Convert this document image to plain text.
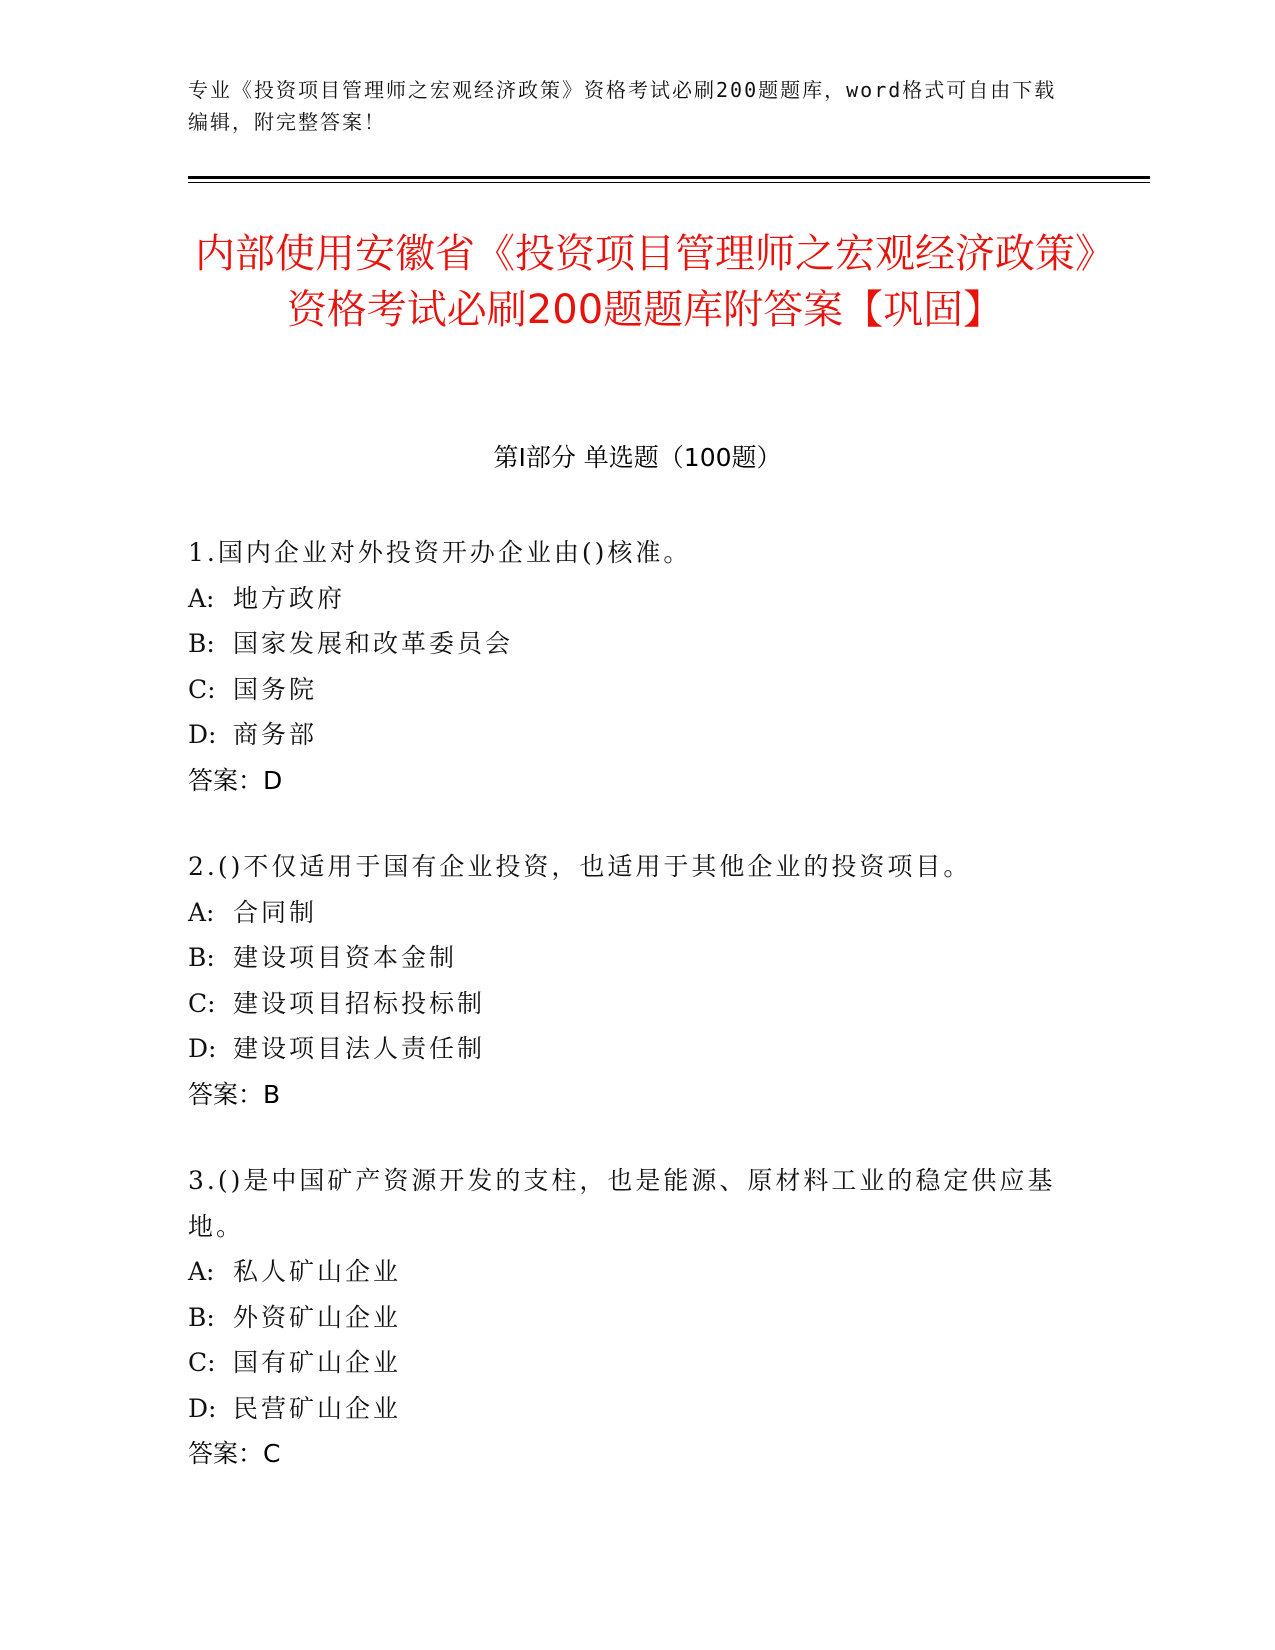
专业《投资项目管理师之宏观经济政策》资格考试必刷200题题库，word格式可自由下载编辑，附完整答案！
内部使用安徽省《投资项目管理师之宏观经济政策》资格考试必刷200题题库附答案【巩固】
第Ⅰ部分 单选题（100题）
1.国内企业对外投资开办企业由()核准。
A: 地方政府
B: 国家发展和改革委员会
C: 国务院
D: 商务部
答案：D
2.()不仅适用于国有企业投资，也适用于其他企业的投资项目。
A: 合同制
B: 建设项目资本金制
C: 建设项目招标投标制
D: 建设项目法人责任制
答案：B
3.()是中国矿产资源开发的支柱，也是能源、原材料工业的稳定供应基地。
A: 私人矿山企业
B: 外资矿山企业
C: 国有矿山企业
D: 民营矿山企业
答案：C
